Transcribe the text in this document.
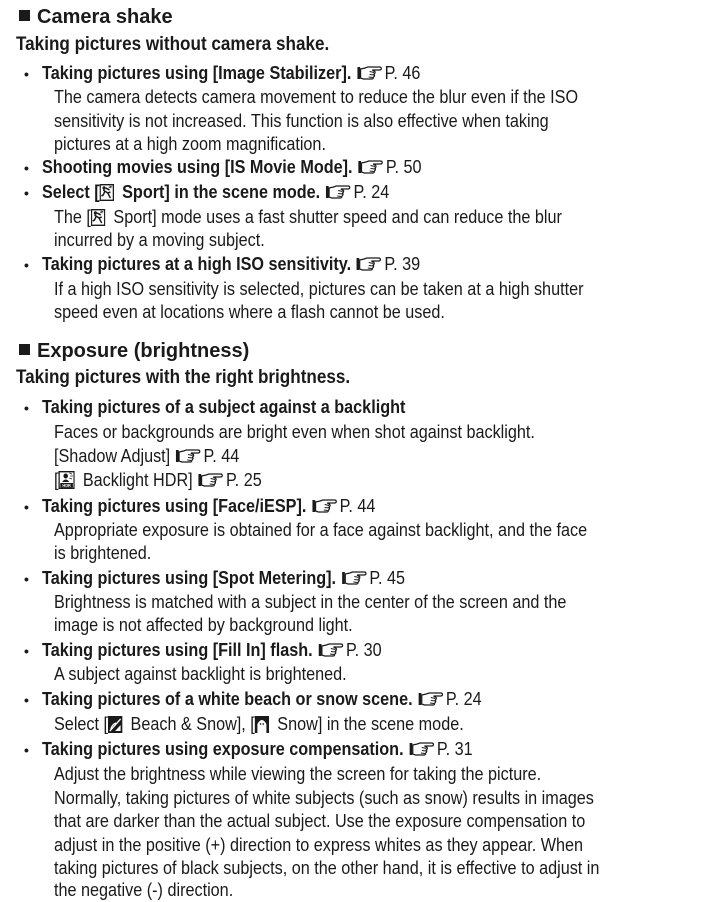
Camera shake
Taking pictures without camera shake.
• Taking pictures using [Image Stabilizer]. P. 46
The camera detects camera movement to reduce the blur even if the ISO
sensitivity is not increased. This function is also effective when taking
pictures at a high zoom magnification.
• Shooting movies using [IS Movie Mode]. P. 50
• Select [ Sport] in the scene mode. P. 24
The [ Sport] mode uses a fast shutter speed and can reduce the blur
incurred by a moving subject.
• Taking pictures at a high ISO sensitivity. P. 39
If a high ISO sensitivity is selected, pictures can be taken at a high shutter
speed even at locations where a flash cannot be used.
Exposure (brightness)
Taking pictures with the right brightness.
• Taking pictures of a subject against a backlight
Faces or backgrounds are bright even when shot against backlight.
[Shadow Adjust] P. 44
[ Backlight HDR] P. 25
• Taking pictures using [Face/iESP]. P. 44
Appropriate exposure is obtained for a face against backlight, and the face
is brightened.
• Taking pictures using [Spot Metering]. P. 45
Brightness is matched with a subject in the center of the screen and the
image is not affected by background light.
• Taking pictures using [Fill In] flash. P. 30
A subject against backlight is brightened.
• Taking pictures of a white beach or snow scene. P. 24
Select [ Beach & Snow], [ Snow] in the scene mode.
• Taking pictures using exposure compensation. P. 31
Adjust the brightness while viewing the screen for taking the picture.
Normally, taking pictures of white subjects (such as snow) results in images
that are darker than the actual subject. Use the exposure compensation to
adjust in the positive (+) direction to express whites as they appear. When
taking pictures of black subjects, on the other hand, it is effective to adjust in
the negative (-) direction.
